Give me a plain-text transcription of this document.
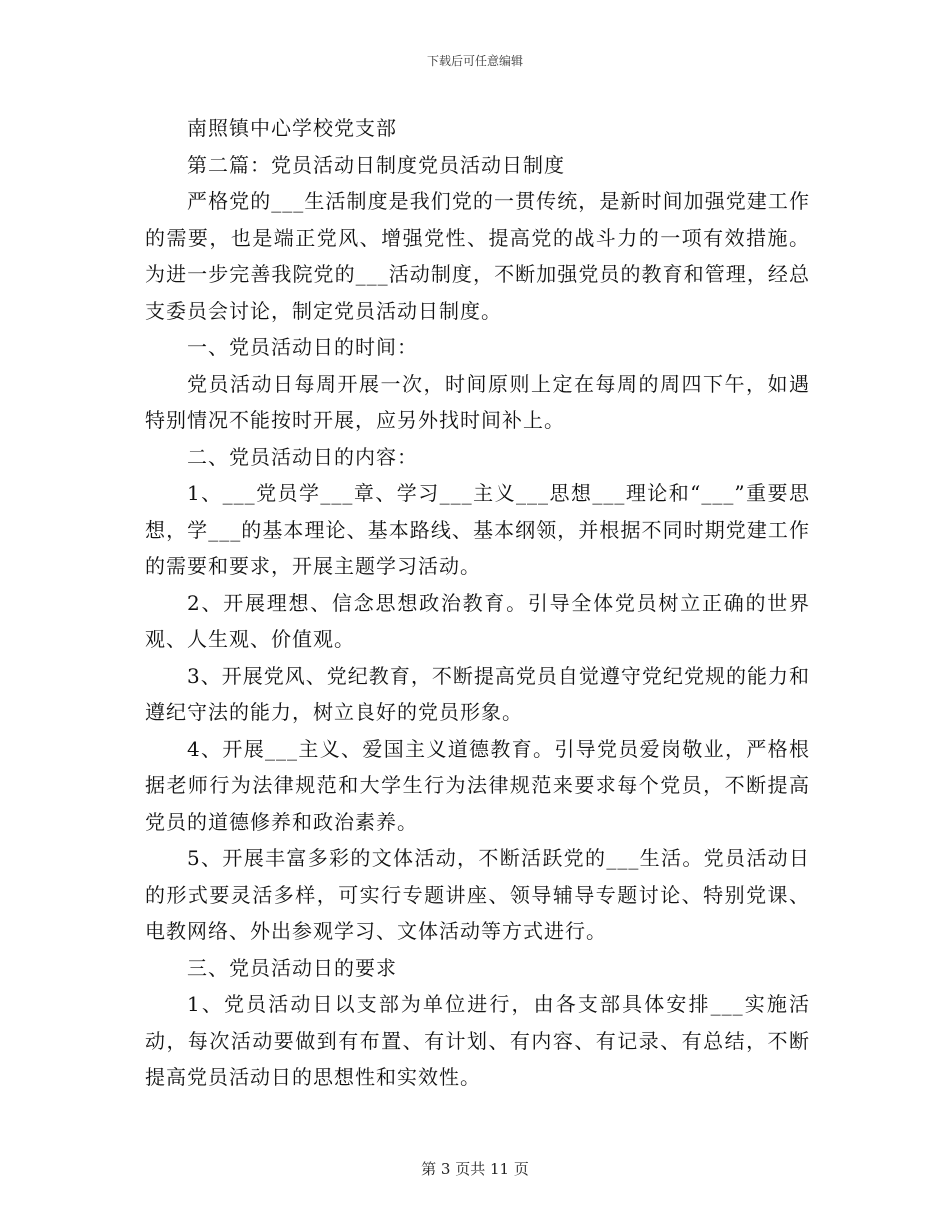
下载后可任意编辑

南照镇中心学校党支部

第二篇：党员活动日制度党员活动日制度

严格党的___生活制度是我们党的一贯传统，是新时间加强党建工作的需要，也是端正党风、增强党性、提高党的战斗力的一项有效措施。为进一步完善我院党的___活动制度，不断加强党员的教育和管理，经总支委员会讨论，制定党员活动日制度。

一、党员活动日的时间：

党员活动日每周开展一次，时间原则上定在每周的周四下午，如遇特别情况不能按时开展，应另外找时间补上。

二、党员活动日的内容：

1、___党员学___章、学习___主义___思想___理论和“___”重要思想，学___的基本理论、基本路线、基本纲领，并根据不同时期党建工作的需要和要求，开展主题学习活动。

2、开展理想、信念思想政治教育。引导全体党员树立正确的世界观、人生观、价值观。

3、开展党风、党纪教育，不断提高党员自觉遵守党纪党规的能力和遵纪守法的能力，树立良好的党员形象。

4、开展___主义、爱国主义道德教育。引导党员爱岗敬业，严格根据老师行为法律规范和大学生行为法律规范来要求每个党员，不断提高党员的道德修养和政治素养。

5、开展丰富多彩的文体活动，不断活跃党的___生活。党员活动日的形式要灵活多样，可实行专题讲座、领导辅导专题讨论、特别党课、电教网络、外出参观学习、文体活动等方式进行。

三、党员活动日的要求

1、党员活动日以支部为单位进行，由各支部具体安排___实施活动，每次活动要做到有布置、有计划、有内容、有记录、有总结，不断提高党员活动日的思想性和实效性。

第 3 页共 11 页
